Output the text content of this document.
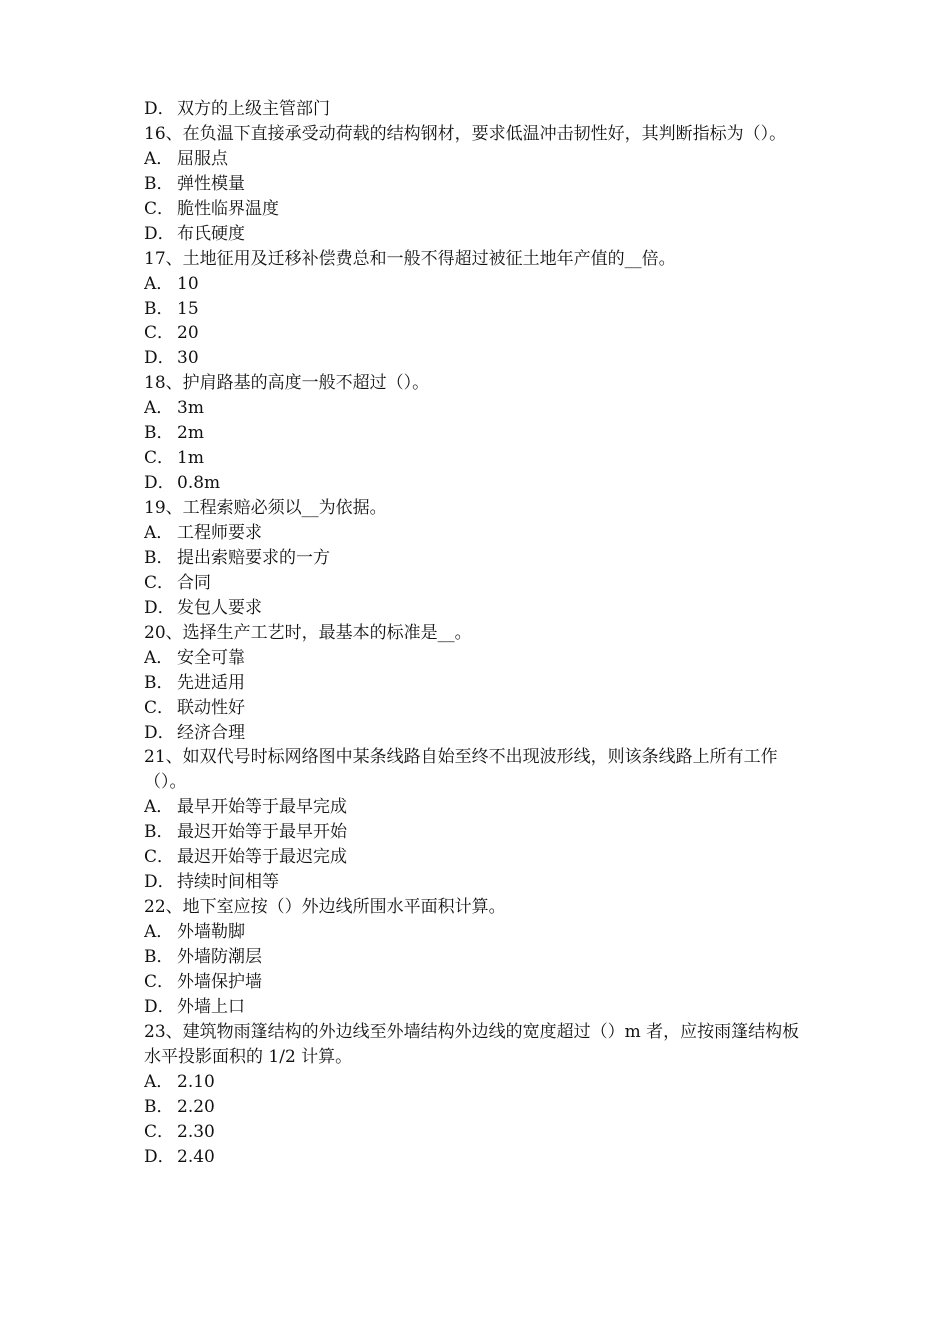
D． 双方的上级主管部门
16、在负温下直接承受动荷载的结构钢材，要求低温冲击韧性好，其判断指标为（）。
A． 屈服点
B． 弹性模量
C． 脆性临界温度
D． 布氏硬度
17、土地征用及迁移补偿费总和一般不得超过被征土地年产值的__倍。
A． 10
B． 15
C． 20
D． 30
18、护肩路基的高度一般不超过（）。
A． 3m
B． 2m
C． 1m
D． 0.8m
19、工程索赔必须以__为依据。
A． 工程师要求
B． 提出索赔要求的一方
C． 合同
D． 发包人要求
20、选择生产工艺时，最基本的标准是__。
A． 安全可靠
B． 先进适用
C． 联动性好
D． 经济合理
21、如双代号时标网络图中某条线路自始至终不出现波形线，则该条线路上所有工作（）。
A． 最早开始等于最早完成
B． 最迟开始等于最早开始
C． 最迟开始等于最迟完成
D． 持续时间相等
22、地下室应按（）外边线所围水平面积计算。
A． 外墙勒脚
B． 外墙防潮层
C． 外墙保护墙
D． 外墙上口
23、建筑物雨篷结构的外边线至外墙结构外边线的宽度超过（）m 者，应按雨篷结构板水平投影面积的 1/2 计算。
A． 2.10
B． 2.20
C． 2.30
D． 2.40
